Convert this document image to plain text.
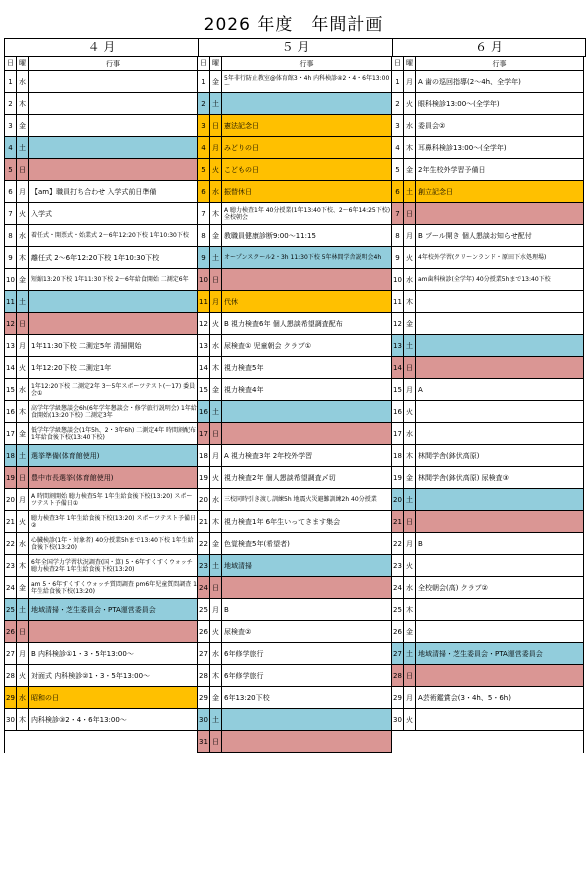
2026 年度　年間計画
４ 月	５ 月	６ 月
日 曜	行事
1 水
2 木
3 金
4 土
5 日
6 月 【am】職員打ち合わせ 入学式前日準備
7 火 入学式
8 水 着任式・開票式・始業式 2～6年12:20下校 1年10:30下校
9 木 離任式 2～6年12:20下校 1年10:30下校
10 金 短縮13:20下校 1年11:30下校 2～6年給食開始 二測定6年
11 土
12 日
13 月 1年11:30下校 二測定5年 清掃開始
14 火 1年12:20下校 二測定1年
15 水 1年12:20下校 二測定2年 3～5年スポーツテスト(～17) 委員会①
16 木 高学年学級懇談会6h(6年学年懇談会・修学旅行説明会) 1年給食開始(13:20下校) 二測定3年
17 金 低学年学級懇談会(1年5h、2・3年6h) 二測定4年 時間割配布 1年給食後下校(13:40下校)
18 土 選挙準備(体育館使用)
19 日 豊中市長選挙(体育館使用)
20 月 A 時間割開始 聴力検査5年 1年生給食後下校(13:20) スポーツテスト予備日①
21 火 聴力検査3年 1年生給食後下校(13:20) スポーツテスト予備日②
22 水 心臓検診(1年・対象者) 40分授業5hまで13:40下校 1年生給食後下校(13:20)
23 木 6年全国学力学習状況調査(国・算) 5・6年すくすくウォッチ 聴力検査2年 1年生給食後下校(13:20)
24 金 am 5・6年すくすくウォッチ質問調査 pm6年児童質問調査 1年生給食後下校(13:20)
25 土 地域清掃・芝生委員会・PTA運営委員会
26 日
27 月 B 内科検診①1・3・5年13:00～
28 火 対面式 内科検診②1・3・5年13:00～
29 水 昭和の日
30 木 内科検診③2・4・6年13:00～
日 曜	行事
1 金 5年非行防止教室@体育館3・4h 内科検診④2・4・6年13:00～
2 土
3 日 憲法記念日
4 月 みどりの日
5 火 こどもの日
6 水 振替休日
7 木 A 聴力検査1年 40分授業(1年13:40下校、2～6年14:25下校) 全校朝会
8 金 教職員健康診断9:00～11:15
9 土 オープンスクール2・3h 11:30下校 5年林間学舎説明会4h
10 日
11 月 代休
12 火 B 視力検査6年 個人懇談希望調査配布
13 水 尿検査① 児童朝会 クラブ①
14 木 視力検査5年
15 金 視力検査4年
16 土
17 日
18 月 A 視力検査3年 2年校外学習
19 火 視力検査2年 個人懇談希望調査〆切
20 水 三校同時引き渡し訓練5h 地震火災避難訓練2h 40分授業
21 木 視力検査1年 6年生いってきます集会
22 金 色覚検査5年(希望者)
23 土 地域清掃
24 日
25 月 B
26 火 尿検査②
27 水 6年修学旅行
28 木 6年修学旅行
29 金 6年13:20下校
30 土
31 日
日 曜	行事
1 月 A 歯の巡回指導(2～4h、全学年)
2 火 眼科検診13:00～(全学年)
3 水 委員会②
4 木 耳鼻科検診13:00～(全学年)
5 金 2年生校外学習予備日
6 土 創立記念日
7 日
8 月 B プール開き 個人懇談お知らせ配付
9 火 4年校外学習(クリーンランド・原田下水処理場)
10 水 am歯科検診(全学年) 40分授業5hまで13:40下校
11 木
12 金
13 土
14 日
15 月 A
16 火
17 水
18 木 林間学舎(鉢伏高原)
19 金 林間学舎(鉢伏高原) 尿検査③
20 土
21 日
22 月 B
23 火
24 水 全校朝会(高) クラブ②
25 木
26 金
27 土 地域清掃・芝生委員会・PTA運営委員会
28 日
29 月 A芸術鑑賞会(3・4h、5・6h)
30 火
